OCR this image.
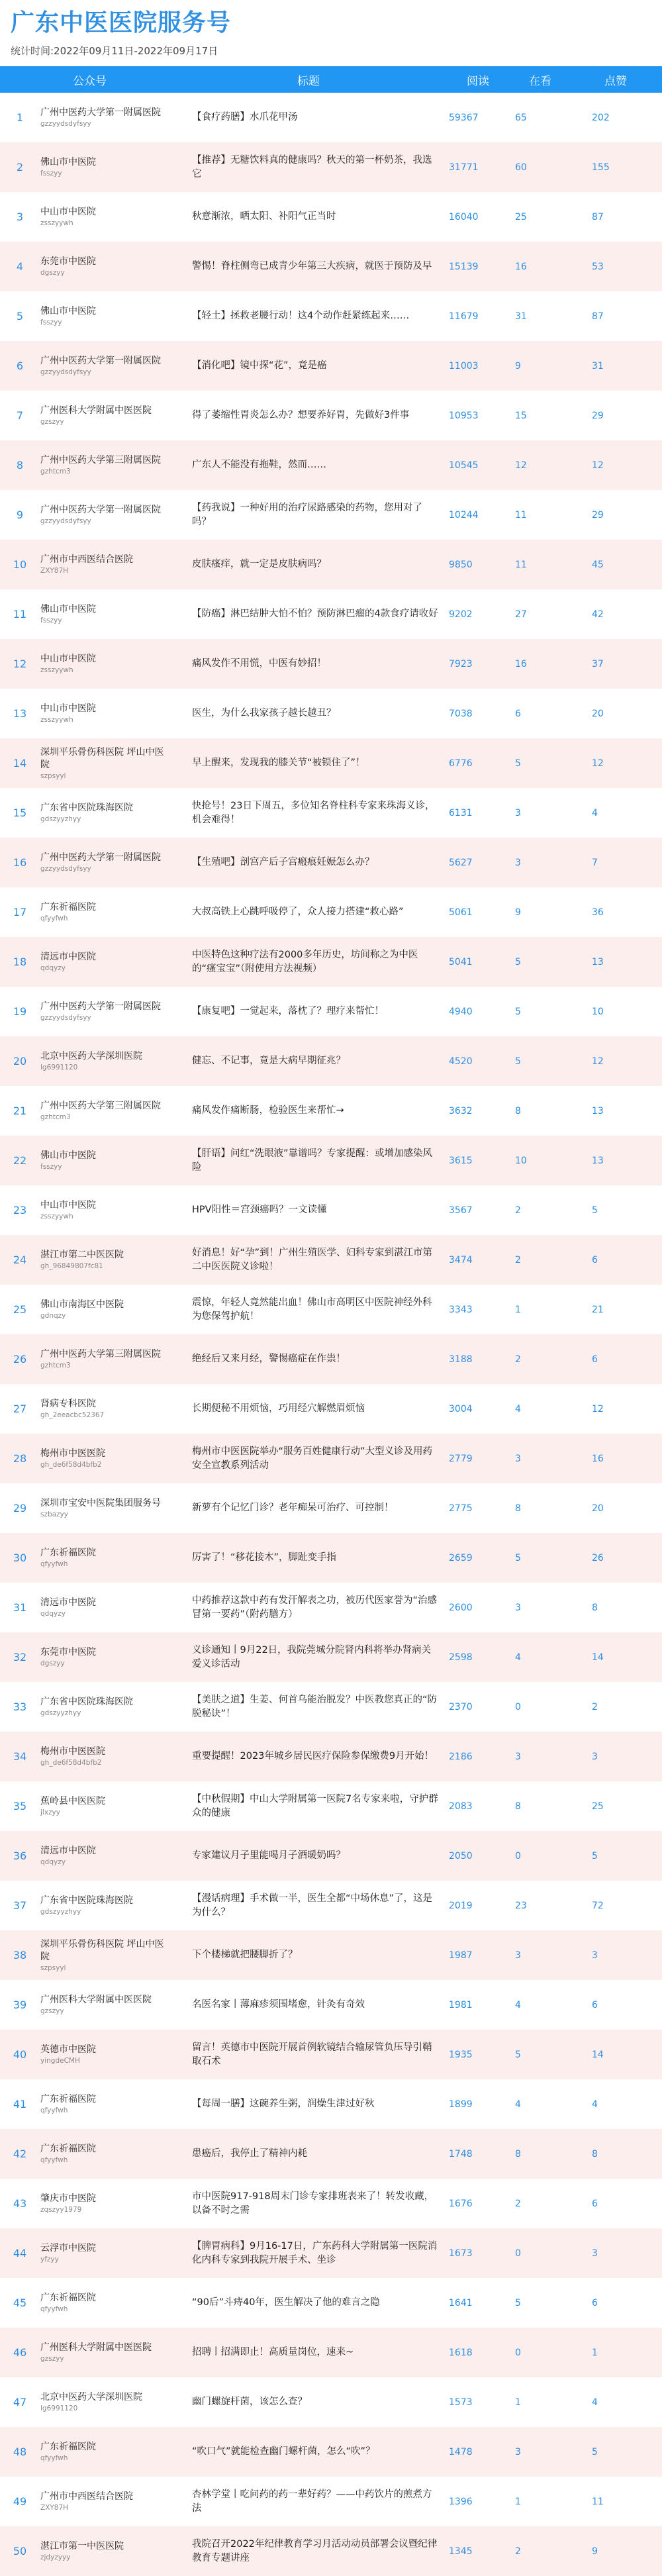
广东中医医院服务号
统计时间:2022年09月11日-2022年09月17日
	公众号	标题	阅读	在看	点赞
1	广州中医药大学第一附属医院
gzzyydsdyfsyy	【食疗药膳】水爪花甲汤	59367	65	202
2	佛山市中医院
fsszyy	【推荐】无糖饮料真的健康吗？秋天的第一杯奶茶，我选它	31771	60	155
3	中山市中医院
zsszyywh	秋意渐浓，晒太阳、补阳气正当时	16040	25	87
4	东莞市中医院
dgszyy	警惕！脊柱侧弯已成青少年第三大疾病，就医于预防及早	15139	16	53
5	佛山市中医院
fsszyy	【轻土】拯救老腰行动！这4个动作赶紧练起来……	11679	31	87
6	广州中医药大学第一附属医院
gzzyydsdyfsyy	【消化吧】镜中探“花”，竟是癌	11003	9	31
7	广州医科大学附属中医医院
gzszyy	得了萎缩性胃炎怎么办？想要养好胃，先做好3件事	10953	15	29
8	广州中医药大学第三附属医院
gzhtcm3	广东人不能没有拖鞋，然而……	10545	12	12
9	广州中医药大学第一附属医院
gzzyydsdyfsyy	【药我说】一种好用的治疗尿路感染的药物，您用对了吗？	10244	11	29
10	广州市中西医结合医院
ZXY87H	皮肤瘙痒，就一定是皮肤病吗？	9850	11	45
11	佛山市中医院
fsszyy	【防癌】淋巴结肿大怕不怕？预防淋巴瘤的4款食疗请收好	9202	27	42
12	中山市中医院
zsszyywh	痛风发作不用慌，中医有妙招！	7923	16	37
13	中山市中医院
zsszyywh	医生，为什么我家孩子越长越丑？	7038	6	20
14	深圳平乐骨伤科医院 坪山中医院
szpsyyl	早上醒来，发现我的膝关节“被锁住了”！	6776	5	12
15	广东省中医院珠海医院
gdszyyzhyy	快抢号！23日下周五，多位知名脊柱科专家来珠海义诊，机会难得！	6131	3	4
16	广州中医药大学第一附属医院
gzzyydsdyfsyy	【生殖吧】剖宫产后子宫瘢痕妊娠怎么办？	5627	3	7
17	广东祈福医院
qfyyfwh	大叔高铁上心跳呼吸停了，众人接力搭建“救心路”	5061	9	36
18	清远市中医院
qdqyzy	中医特色这种疗法有2000多年历史，坊间称之为中医的“瘙宝宝”（附使用方法视频）	5041	5	13
19	广州中医药大学第一附属医院
gzzyydsdyfsyy	【康复吧】一觉起来，落枕了？理疗来帮忙！	4940	5	10
20	北京中医药大学深圳医院
lg6991120	健忘、不记事，竟是大病早期征兆？	4520	5	12
21	广州中医药大学第三附属医院
gzhtcm3	痛风发作痛断肠，检验医生来帮忙→	3632	8	13
22	佛山市中医院
fsszyy	【肝语】问红“洗眼液”靠谱吗？专家提醒：或增加感染风险	3615	10	13
23	中山市中医院
zsszyywh	HPV阳性＝宫颈癌吗？一文读懂	3567	2	5
24	湛江市第二中医医院
gh_96849807fc81	好消息！好“孕”到！广州生殖医学、妇科专家到湛江市第二中医医院义诊啦！	3474	2	6
25	佛山市南海区中医院
gdnqzy	震惊，年轻人竟然能出血！佛山市高明区中医院神经外科为您保驾护航！	3343	1	21
26	广州中医药大学第三附属医院
gzhtcm3	绝经后又来月经，警惕癌症在作祟！	3188	2	6
27	肾病专科医院
gh_2eeacbc52367	长期便秘不用烦恼，巧用经穴解燃眉烦恼	3004	4	12
28	梅州市中医医院
gh_de6f58d4bfb2	梅州市中医医院举办“服务百姓健康行动”大型义诊及用药安全宣教系列活动	2779	3	16
29	深圳市宝安中医院集团服务号
szbazyy	新萝有个记忆门诊？老年痴呆可治疗、可控制！	2775	8	20
30	广东祈福医院
qfyyfwh	厉害了！“移花接木”，脚趾变手指	2659	5	26
31	清远市中医院
qdqyzy	中药推荐这款中药有发汗解表之功，被历代医家誉为“治感冒第一要药”（附药膳方）	2600	3	8
32	东莞市中医院
dgszyy	义诊通知丨9月22日，我院莞城分院肾内科将举办肾病关爱义诊活动	2598	4	14
33	广东省中医院珠海医院
gdszyyzhyy	【美肤之道】生姜、何首乌能治脱发？中医教您真正的“防脱秘诀”！	2370	0	2
34	梅州市中医医院
gh_de6f58d4bfb2	重要提醒！2023年城乡居民医疗保险参保缴费9月开始！	2186	3	3
35	蕉岭县中医医院
jlxzyy	【中秋假期】中山大学附属第一医院7名专家来啦，守护群众的健康	2083	8	25
36	清远市中医院
qdqyzy	专家建议月子里能喝月子酒暖奶吗？	2050	0	5
37	广东省中医院珠海医院
gdszyyzhyy	【漫话病理】手术做一半，医生全都“中场休息”了，这是为什么？	2019	23	72
38	深圳平乐骨伤科医院 坪山中医院
szpsyyl	下个楼梯就把腰脚折了？	1987	3	3
39	广州医科大学附属中医医院
gzszyy	名医名家丨薄麻疹须围堵愈，针灸有奇效	1981	4	6
40	英德市中医院
yingdeCMH	留言！英德市中医院开展首例软镜结合输尿管负压导引鞘取石术	1935	5	14
41	广东祈福医院
qfyyfwh	【每周一膳】这碗养生粥，润燥生津过好秋	1899	4	4
42	广东祈福医院
qfyyfwh	患癌后，我停止了精神内耗	1748	8	8
43	肇庆市中医院
zqszyy1979	市中医院917-918周末门诊专家排班表来了！转发收藏，以备不时之需	1676	2	6
44	云浮市中医院
yfzyy	【脾胃病科】9月16-17日，广东药科大学附属第一医院消化内科专家到我院开展手术、坐诊	1673	0	3
45	广东祈福医院
qfyyfwh	“90后”斗痔40年，医生解决了他的难言之隐	1641	5	6
46	广州医科大学附属中医医院
gzszyy	招聘丨招满即止！高质量岗位，速来~	1618	0	1
47	北京中医药大学深圳医院
lg6991120	幽门螺旋杆菌，该怎么查？	1573	1	4
48	广东祈福医院
qfyyfwh	“吹口气”就能检查幽门螺杆菌，怎么“吹”？	1478	3	5
49	广州市中西医结合医院
ZXY87H	杏林学堂丨吃问药的药一辈好药？——中药饮片的煎煮方法	1396	1	11
50	湛江市第一中医医院
zjdyzyyy	我院召开2022年纪律教育学习月活动动员部署会议暨纪律教育专题讲座	1345	2	9
